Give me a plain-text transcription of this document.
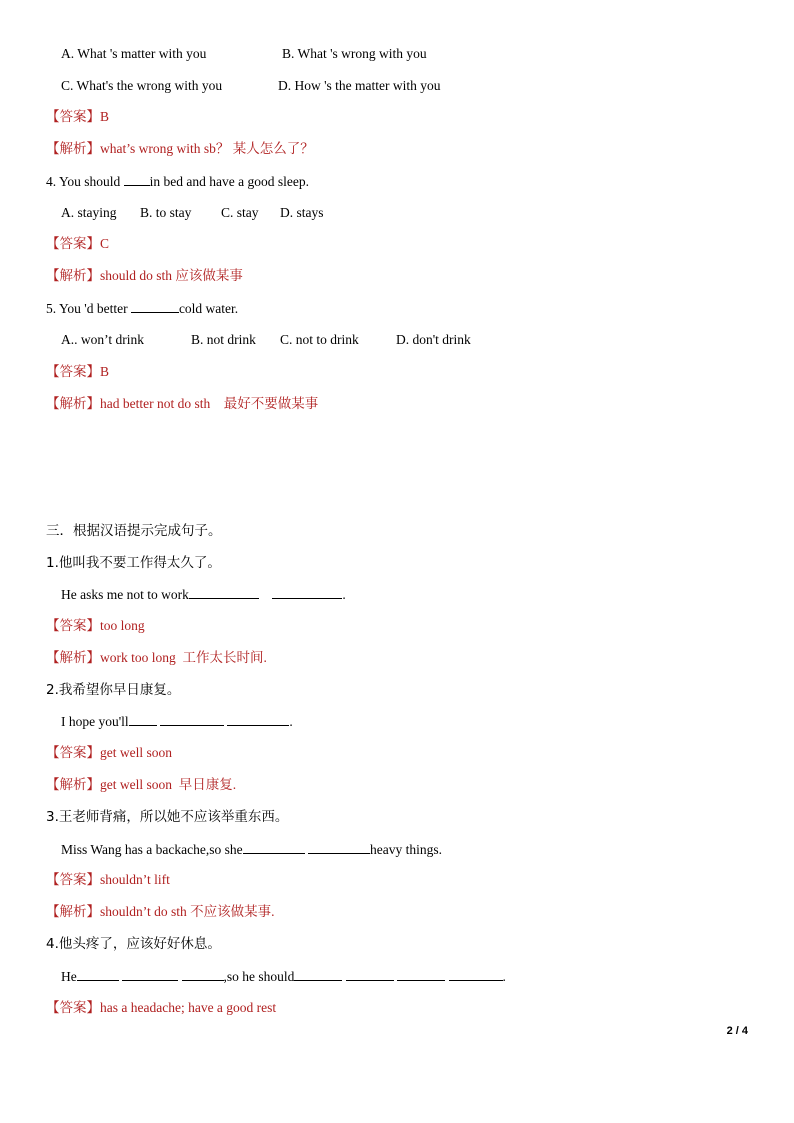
A. What 's matter with you	B. What 's wrong with you
C. What's the wrong with you	D. How 's the matter with you
【答案】B
【解析】what’s wrong with sb？ 某人怎么了？
4. You should in bed and have a good sleep.
A. staying B. to stay C. stay D. stays
【答案】C
【解析】should do sth 应该做某事
5. You 'd better	cold water.
A.. won’t drink	B. not drink C. not to drink	D. don't drink
【答案】B
【解析】had better not do sth    最好不要做某事
三．根据汉语提示完成句子。
1.他叫我不要工作得太久了。
He asks me not to work	.
【答案】too long
【解析】work too long  工作太长时间.
2.我希望你早日康复。
I hope you'll	.
【答案】get well soon
【解析】get well soon  早日康复.
3.王老师背痛，所以她不应该举重东西。
Miss Wang has a backache,so she	heavy things.
【答案】shouldn’t lift
【解析】shouldn’t do sth 不应该做某事.
4.他头疼了，应该好好休息。
He	,so he should	.
【答案】has a headache; have a good rest
2 / 4
